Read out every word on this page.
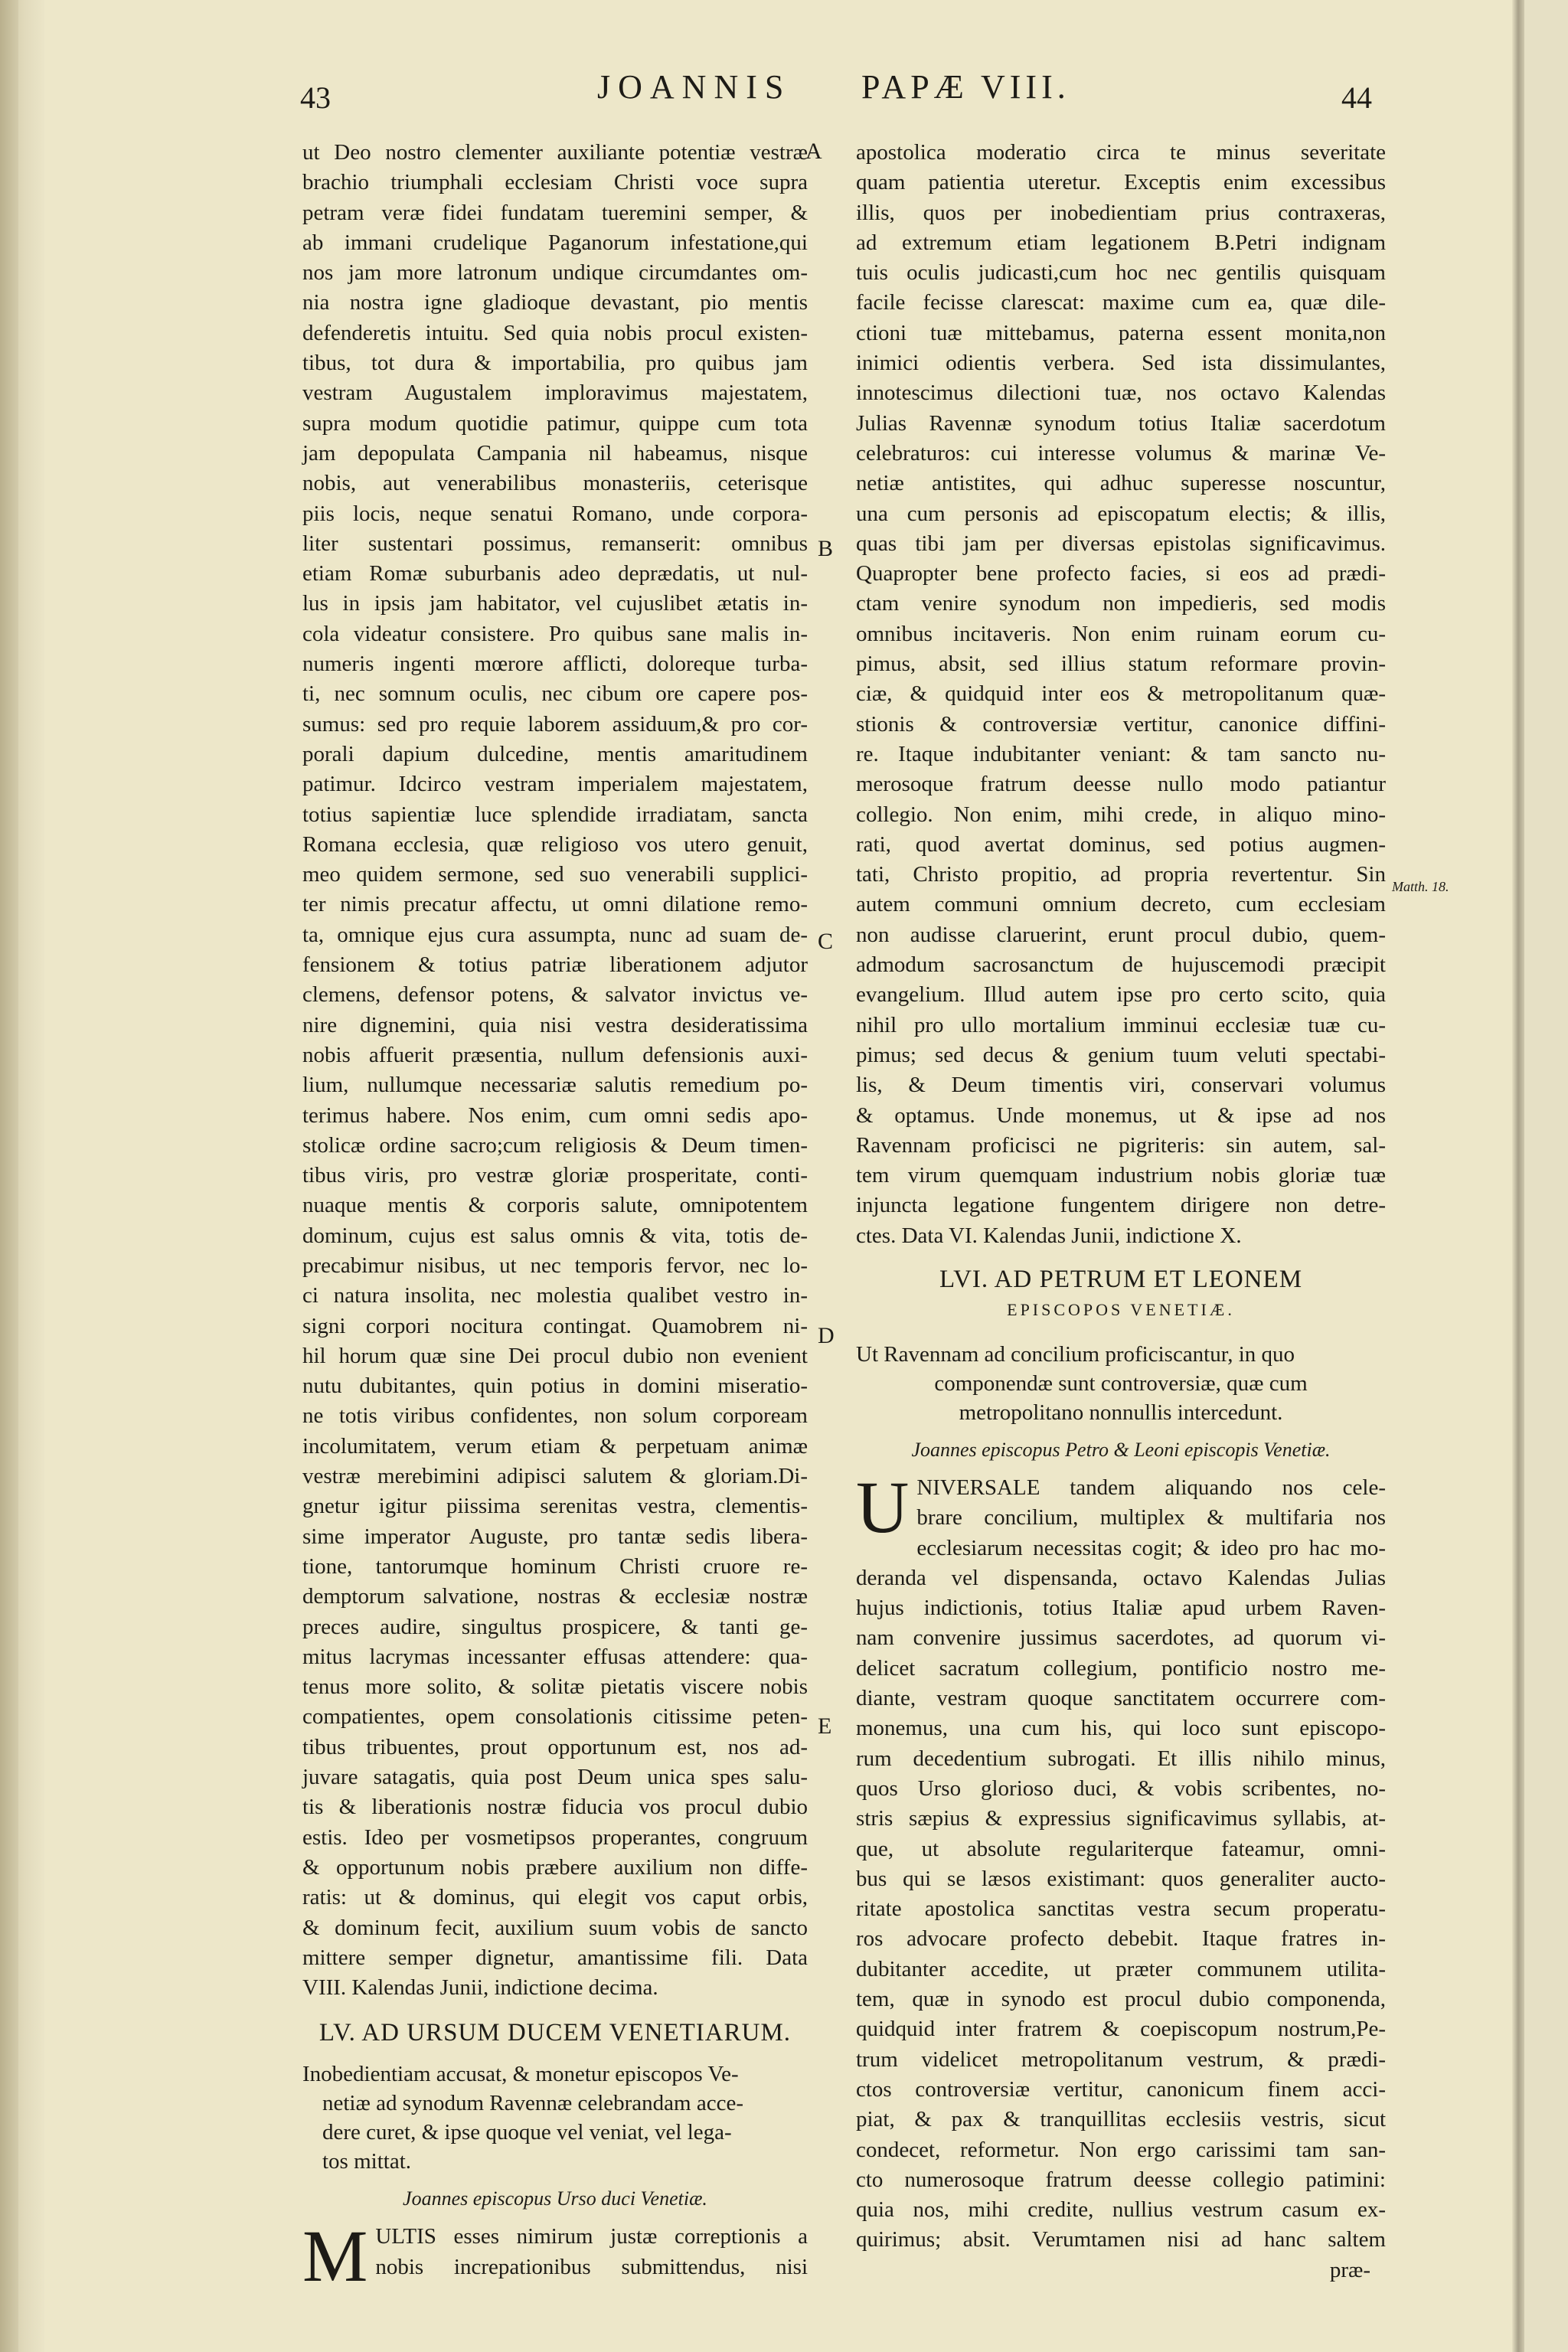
43	JOANNIS PAPÆ VIII.	44
A
B
C
D
E
Matth. 18.
ut Deo nostro clementer auxiliante potentiæ vestræ
brachio triumphali ecclesiam Christi voce supra
petram veræ fidei fundatam tueremini semper, &
ab immani crudelique Paganorum infestatione,qui
nos jam more latronum undique circumdantes om-
nia nostra igne gladioque devastant, pio mentis
defenderetis intuitu. Sed quia nobis procul existen-
tibus, tot dura & importabilia, pro quibus jam
vestram Augustalem imploravimus majestatem,
supra modum quotidie patimur, quippe cum tota
jam depopulata Campania nil habeamus, nisque
nobis, aut venerabilibus monasteriis, ceterisque
piis locis, neque senatui Romano, unde corpora-
liter sustentari possimus, remanserit: omnibus
etiam Romæ suburbanis adeo deprædatis, ut nul-
lus in ipsis jam habitator, vel cujuslibet ætatis in-
cola videatur consistere. Pro quibus sane malis in-
numeris ingenti mœrore afflicti, doloreque turba-
ti, nec somnum oculis, nec cibum ore capere pos-
sumus: sed pro requie laborem assiduum,& pro cor-
porali dapium dulcedine, mentis amaritudinem
patimur. Idcirco vestram imperialem majestatem,
totius sapientiæ luce splendide irradiatam, sancta
Romana ecclesia, quæ religioso vos utero genuit,
meo quidem sermone, sed suo venerabili supplici-
ter nimis precatur affectu, ut omni dilatione remo-
ta, omnique ejus cura assumpta, nunc ad suam de-
fensionem & totius patriæ liberationem adjutor
clemens, defensor potens, & salvator invictus ve-
nire dignemini, quia nisi vestra desideratissima
nobis affuerit præsentia, nullum defensionis auxi-
lium, nullumque necessariæ salutis remedium po-
terimus habere. Nos enim, cum omni sedis apo-
stolicæ ordine sacro;cum religiosis & Deum timen-
tibus viris, pro vestræ gloriæ prosperitate, conti-
nuaque mentis & corporis salute, omnipotentem
dominum, cujus est salus omnis & vita, totis de-
precabimur nisibus, ut nec temporis fervor, nec lo-
ci natura insolita, nec molestia qualibet vestro in-
signi corpori nocitura contingat. Quamobrem ni-
hil horum quæ sine Dei procul dubio non evenient
nutu dubitantes, quin potius in domini miseratio-
ne totis viribus confidentes, non solum corpoream
incolumitatem, verum etiam & perpetuam animæ
vestræ merebimini adipisci salutem & gloriam.Di-
gnetur igitur piissima serenitas vestra, clementis-
sime imperator Auguste, pro tantæ sedis libera-
tione, tantorumque hominum Christi cruore re-
demptorum salvatione, nostras & ecclesiæ nostræ
preces audire, singultus prospicere, & tanti ge-
mitus lacrymas incessanter effusas attendere: qua-
tenus more solito, & solitæ pietatis viscere nobis
compatientes, opem consolationis citissime peten-
tibus tribuentes, prout opportunum est, nos ad-
juvare satagatis, quia post Deum unica spes salu-
tis & liberationis nostræ fiducia vos procul dubio
estis. Ideo per vosmetipsos properantes, congruum
& opportunum nobis præbere auxilium non diffe-
ratis: ut & dominus, qui elegit vos caput orbis,
& dominum fecit, auxilium suum vobis de sancto
mittere semper dignetur, amantissime fili. Data
VIII. Kalendas Junii, indictione decima.
LV. AD URSUM DUCEM VENETIARUM.
Inobedientiam accusat, & monetur episcopos Ve-
netiæ ad synodum Ravennæ celebrandam acce-
dere curet, & ipse quoque vel veniat, vel lega-
tos mittat.
Joannes episcopus Urso duci Venetiæ.
M ULTIS esses nimirum justæ correptionis a
nobis increpationibus submittendus, nisi
apostolica moderatio circa te minus severitate
quam patientia uteretur. Exceptis enim excessibus
illis, quos per inobedientiam prius contraxeras,
ad extremum etiam legationem B.Petri indignam
tuis oculis judicasti,cum hoc nec gentilis quisquam
facile fecisse clarescat: maxime cum ea, quæ dile-
ctioni tuæ mittebamus, paterna essent monita,non
inimici odientis verbera. Sed ista dissimulantes,
innotescimus dilectioni tuæ, nos octavo Kalendas
Julias Ravennæ synodum totius Italiæ sacerdotum
celebraturos: cui interesse volumus & marinæ Ve-
netiæ antistites, qui adhuc superesse noscuntur,
una cum personis ad episcopatum electis; & illis,
quas tibi jam per diversas epistolas significavimus.
Quapropter bene profecto facies, si eos ad prædi-
ctam venire synodum non impedieris, sed modis
omnibus incitaveris. Non enim ruinam eorum cu-
pimus, absit, sed illius statum reformare provin-
ciæ, & quidquid inter eos & metropolitanum quæ-
stionis & controversiæ vertitur, canonice diffini-
re. Itaque indubitanter veniant: & tam sancto nu-
merosoque fratrum deesse nullo modo patiantur
collegio. Non enim, mihi crede, in aliquo mino-
rati, quod avertat dominus, sed potius augmen-
tati, Christo propitio, ad propria revertentur. Sin
autem communi omnium decreto, cum ecclesiam
non audisse claruerint, erunt procul dubio, quem-
admodum sacrosanctum de hujuscemodi præcipit
evangelium. Illud autem ipse pro certo scito, quia
nihil pro ullo mortalium imminui ecclesiæ tuæ cu-
pimus; sed decus & genium tuum veluti spectabi-
lis, & Deum timentis viri, conservari volumus
& optamus. Unde monemus, ut & ipse ad nos
Ravennam proficisci ne pigriteris: sin autem, sal-
tem virum quemquam industrium nobis gloriæ tuæ
injuncta legatione fungentem dirigere non detre-
ctes. Data VI. Kalendas Junii, indictione X.
LVI. AD PETRUM ET LEONEM
EPISCOPOS VENETIÆ.
Ut Ravennam ad concilium proficiscantur, in quo
componendæ sunt controversiæ, quæ cum
metropolitano nonnullis intercedunt.
Joannes episcopus Petro & Leoni episcopis Venetiæ.
U NIVERSALE tandem aliquando nos cele-
brare concilium, multiplex & multifaria nos
ecclesiarum necessitas cogit; & ideo pro hac mo-
deranda vel dispensanda, octavo Kalendas Julias
hujus indictionis, totius Italiæ apud urbem Raven-
nam convenire jussimus sacerdotes, ad quorum vi-
delicet sacratum collegium, pontificio nostro me-
diante, vestram quoque sanctitatem occurrere com-
monemus, una cum his, qui loco sunt episcopo-
rum decedentium subrogati. Et illis nihilo minus,
quos Urso glorioso duci, & vobis scribentes, no-
stris sæpius & expressius significavimus syllabis, at-
que, ut absolute regulariterque fateamur, omni-
bus qui se læsos existimant: quos generaliter aucto-
ritate apostolica sanctitas vestra secum properatu-
ros advocare profecto debebit. Itaque fratres in-
dubitanter accedite, ut præter communem utilita-
tem, quæ in synodo est procul dubio componenda,
quidquid inter fratrem & coepiscopum nostrum,Pe-
trum videlicet metropolitanum vestrum, & prædi-
ctos controversiæ vertitur, canonicum finem acci-
piat, & pax & tranquillitas ecclesiis vestris, sicut
condecet, reformetur. Non ergo carissimi tam san-
cto numerosoque fratrum deesse collegio patimini:
quia nos, mihi credite, nullius vestrum casum ex-
quirimus; absit. Verumtamen nisi ad hanc saltem
præ-
